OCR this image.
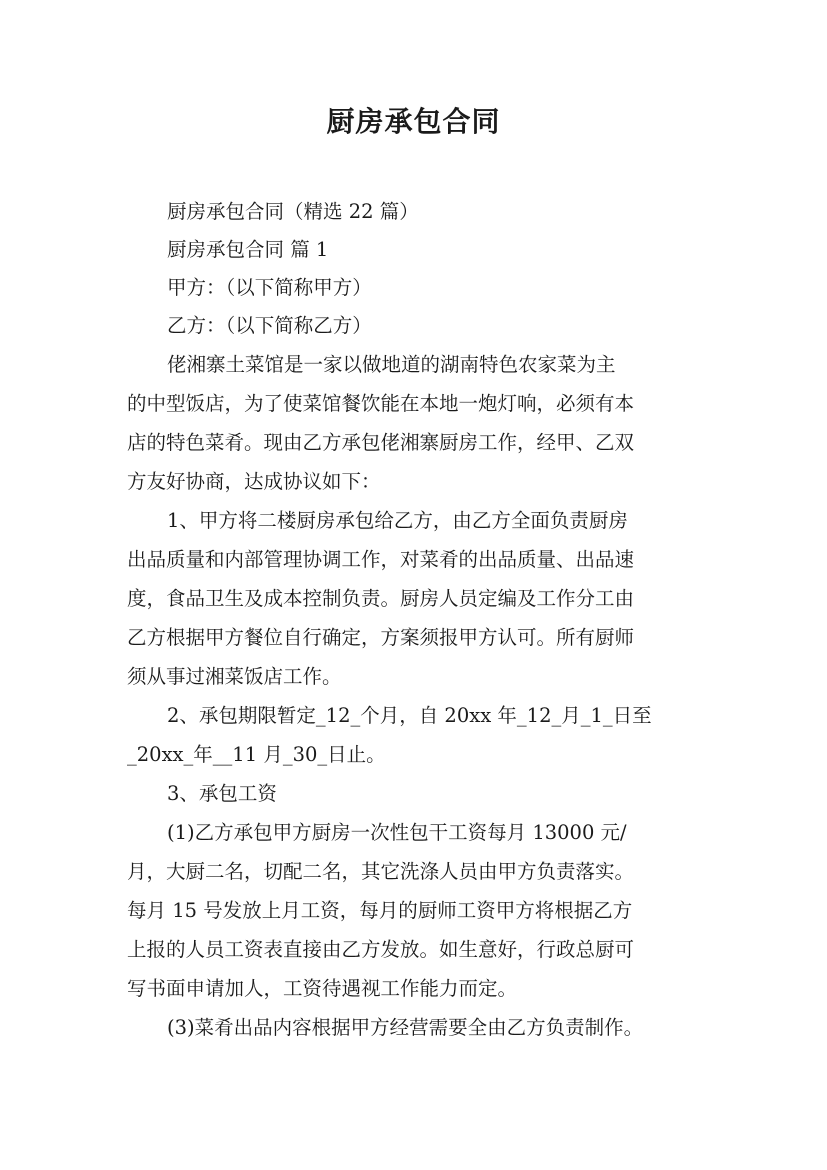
厨房承包合同
厨房承包合同（精选 22 篇）
厨房承包合同 篇 1
甲方：（以下简称甲方）
乙方：（以下简称乙方）
佬湘寨土菜馆是一家以做地道的湖南特色农家菜为主
的中型饭店，为了使菜馆餐饮能在本地一炮灯响，必须有本
店的特色菜肴。现由乙方承包佬湘寨厨房工作，经甲、乙双
方友好协商，达成协议如下：
1、甲方将二楼厨房承包给乙方，由乙方全面负责厨房
出品质量和内部管理协调工作，对菜肴的出品质量、出品速
度，食品卫生及成本控制负责。厨房人员定编及工作分工由
乙方根据甲方餐位自行确定，方案须报甲方认可。所有厨师
须从事过湘菜饭店工作。
2、承包期限暂定_12_个月，自 20xx 年_12_月_1_日至
_20xx_年__11 月_30_日止。
3、承包工资
(1)乙方承包甲方厨房一次性包干工资每月 13000 元/
月，大厨二名，切配二名，其它洗涤人员由甲方负责落实。
每月 15 号发放上月工资，每月的厨师工资甲方将根据乙方
上报的人员工资表直接由乙方发放。如生意好，行政总厨可
写书面申请加人，工资待遇视工作能力而定。
(3)菜肴出品内容根据甲方经营需要全由乙方负责制作。
